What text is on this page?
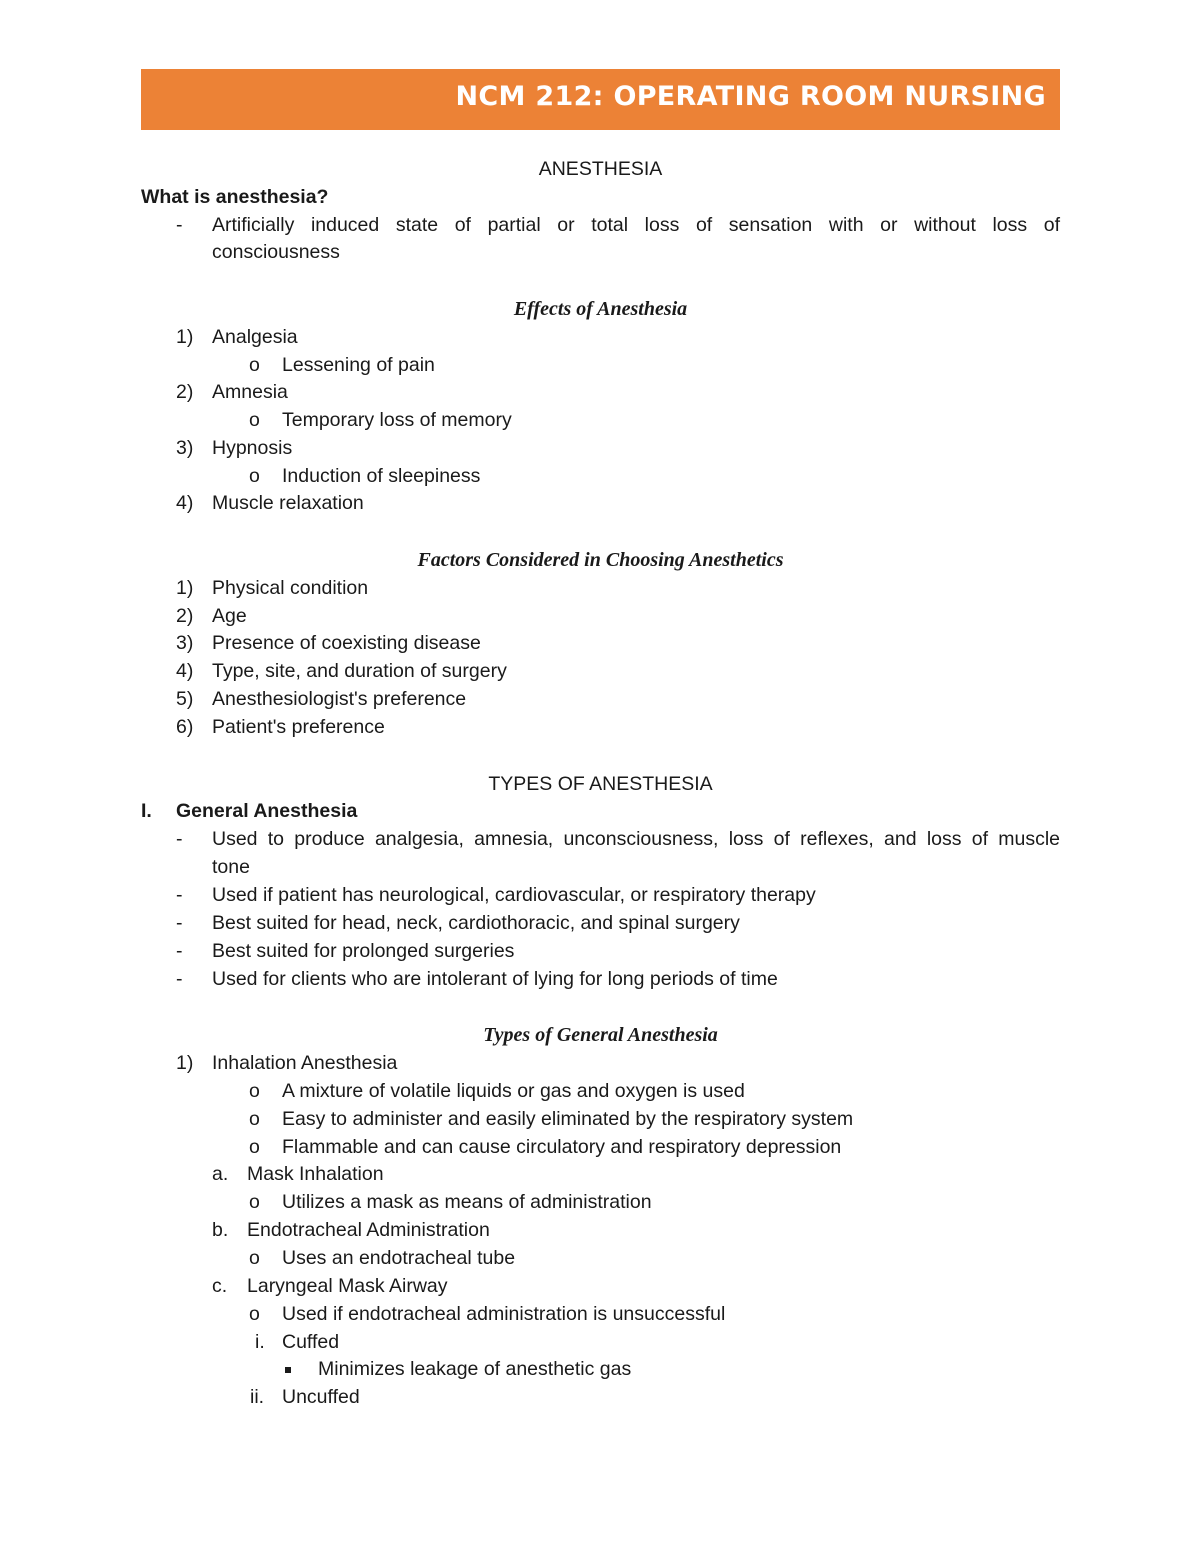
NCM 212: OPERATING ROOM NURSING
ANESTHESIA
What is anesthesia?
- Artificially induced state of partial or total loss of sensation with or without loss of
consciousness
Effects of Anesthesia
1) Analgesia
o Lessening of pain
2) Amnesia
o Temporary loss of memory
3) Hypnosis
o Induction of sleepiness
4) Muscle relaxation
Factors Considered in Choosing Anesthetics
1) Physical condition
2) Age
3) Presence of coexisting disease
4) Type, site, and duration of surgery
5) Anesthesiologist's preference
6) Patient's preference
TYPES OF ANESTHESIA
I. General Anesthesia
- Used to produce analgesia, amnesia, unconsciousness, loss of reflexes, and loss of muscle
tone
- Used if patient has neurological, cardiovascular, or respiratory therapy
- Best suited for head, neck, cardiothoracic, and spinal surgery
- Best suited for prolonged surgeries
- Used for clients who are intolerant of lying for long periods of time
Types of General Anesthesia
1) Inhalation Anesthesia
o A mixture of volatile liquids or gas and oxygen is used
o Easy to administer and easily eliminated by the respiratory system
o Flammable and can cause circulatory and respiratory depression
a. Mask Inhalation
o Utilizes a mask as means of administration
b. Endotracheal Administration
o Uses an endotracheal tube
c. Laryngeal Mask Airway
o Used if endotracheal administration is unsuccessful
i. Cuffed
Minimizes leakage of anesthetic gas
ii. Uncuffed
